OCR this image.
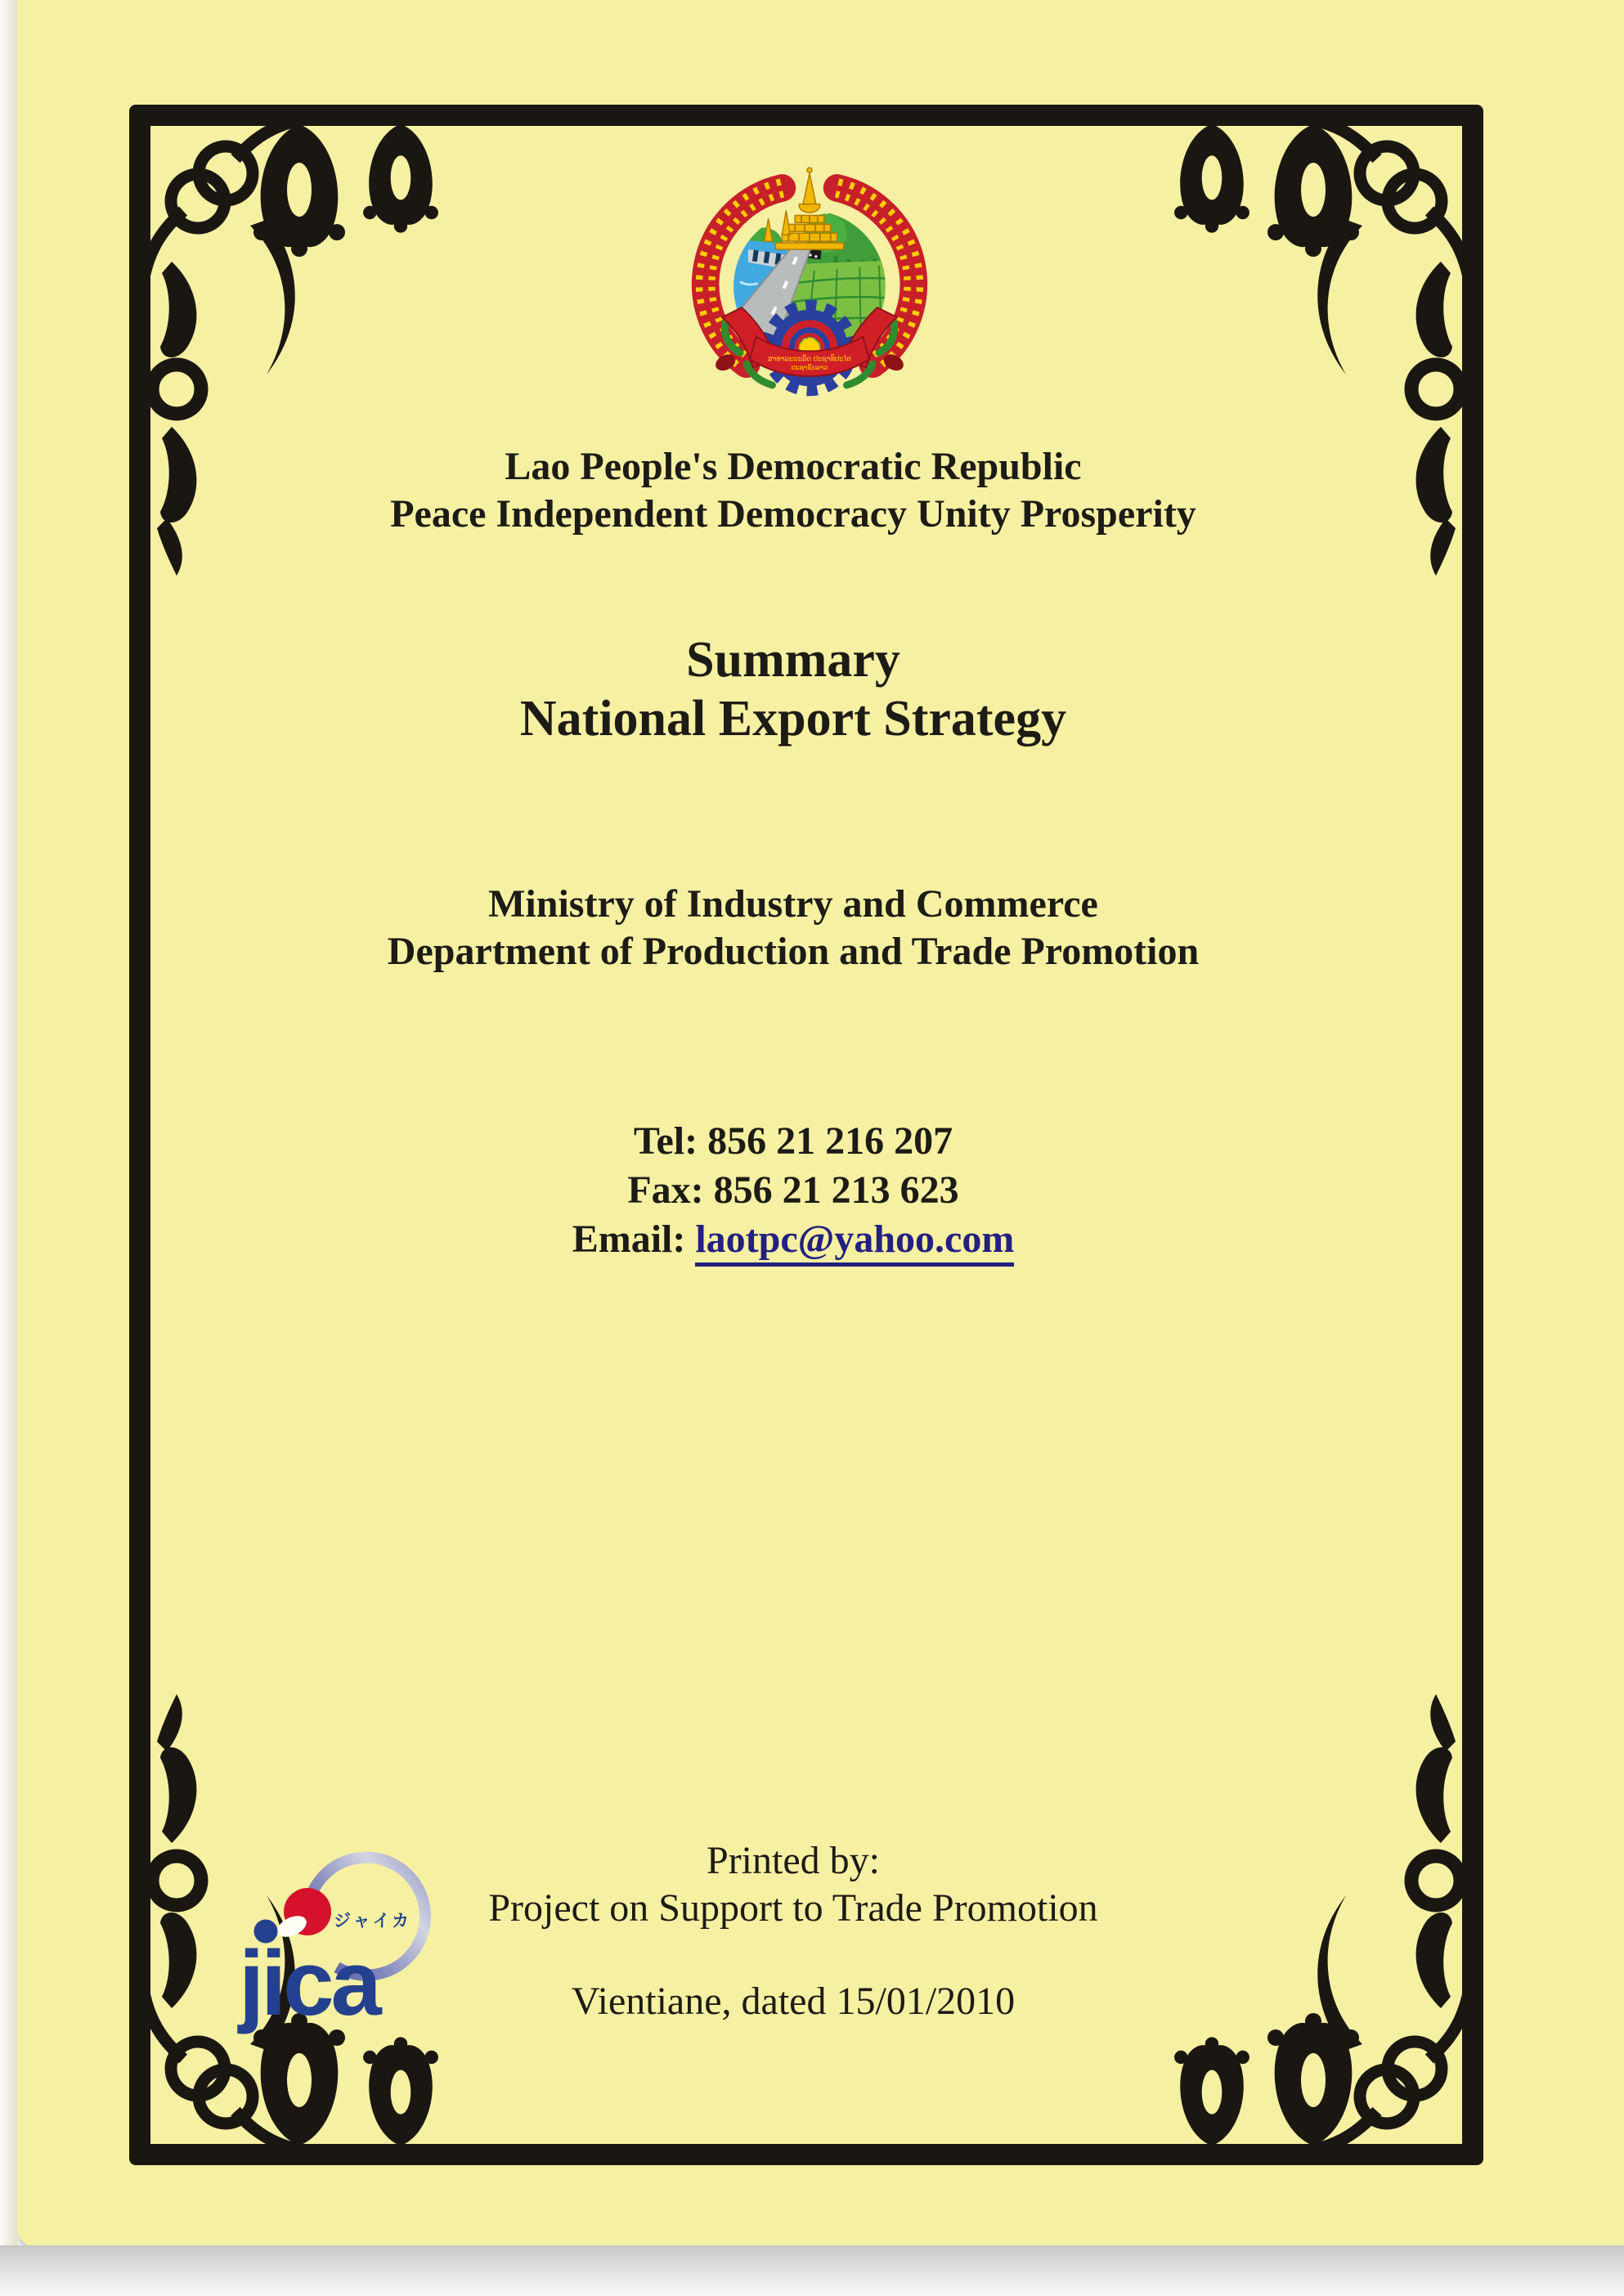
ສາທາລະນະລັດ ປະຊາທິປະໄຕ
ປະຊາຊົນລາວ
Lao People's Democratic Republic
Peace Independent Democracy Unity Prosperity
Summary
National Export Strategy
Ministry of Industry and Commerce
Department of Production and Trade Promotion
Tel: 856 21 216 207
Fax: 856 21 213 623
Email: laotpc@yahoo.com
ジャイカ
jica
Printed by:
Project on Support to Trade Promotion
Vientiane, dated 15/01/2010
